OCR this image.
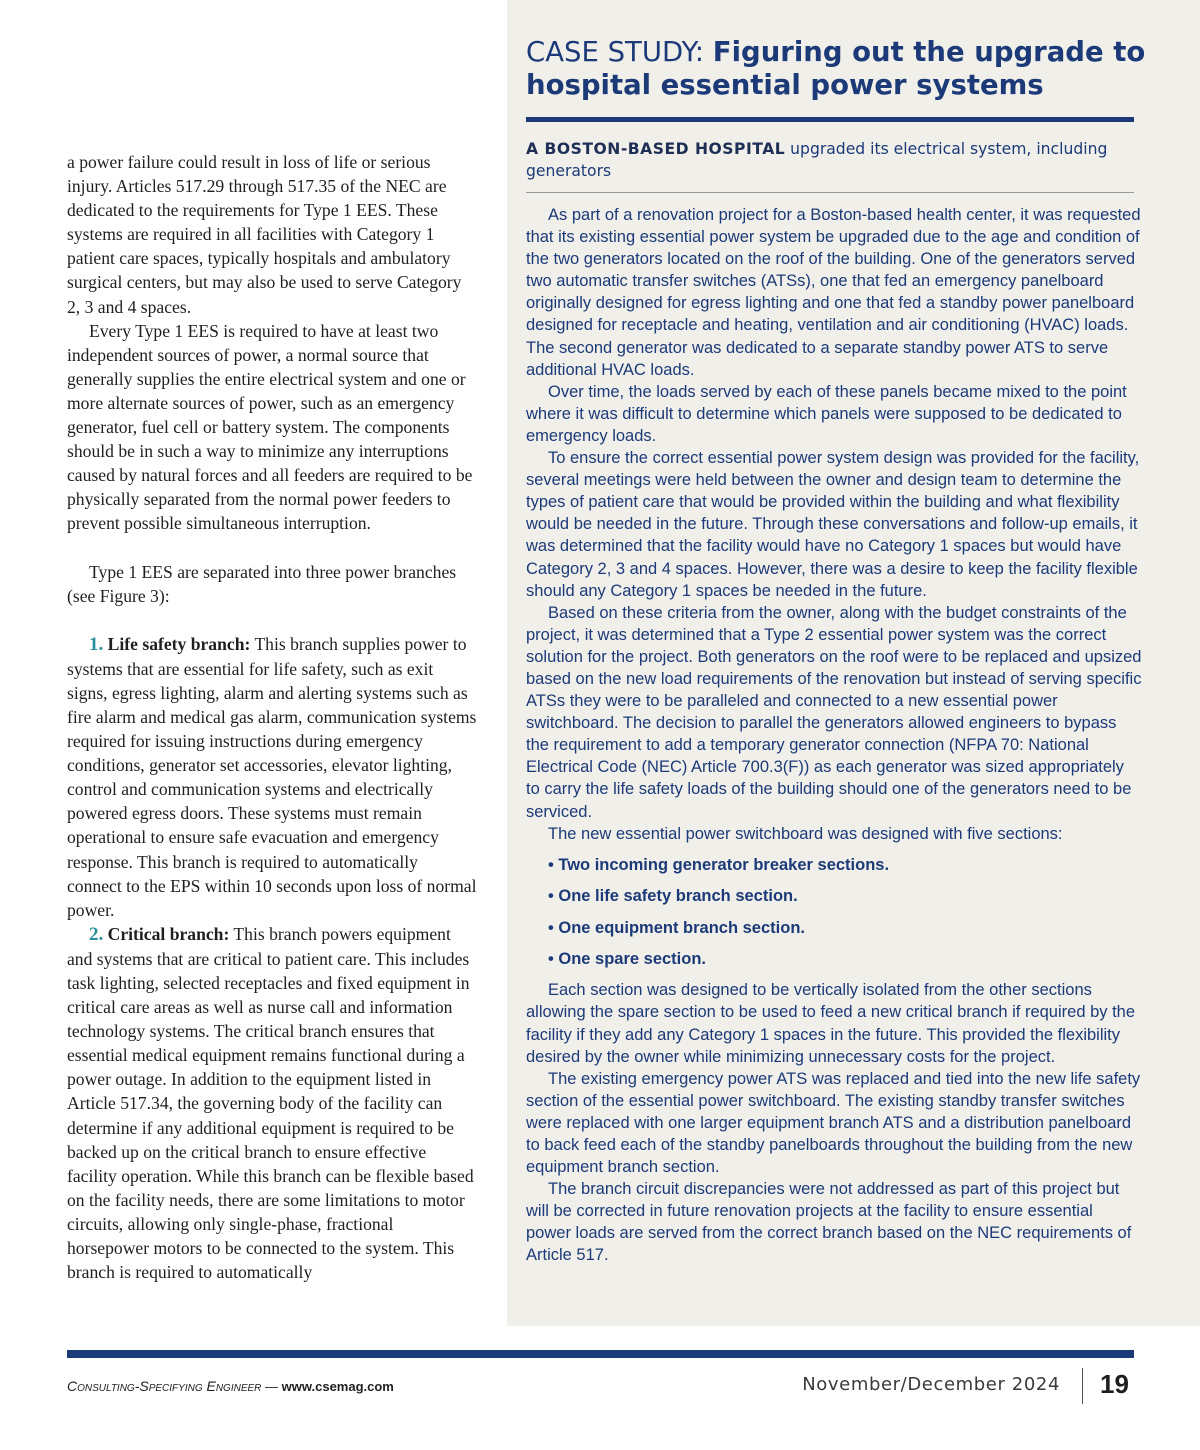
a power failure could result in loss of life or serious injury. Articles 517.29 through 517.35 of the NEC are dedicated to the requirements for Type 1 EES. These systems are required in all facilities with Category 1 patient care spaces, typically hospitals and ambulatory surgical centers, but may also be used to serve Category 2, 3 and 4 spaces.

Every Type 1 EES is required to have at least two independent sources of power, a normal source that generally supplies the entire electrical system and one or more alternate sources of power, such as an emergency generator, fuel cell or battery system. The components should be in such a way to minimize any interruptions caused by natural forces and all feeders are required to be physically separated from the normal power feeders to prevent possible simultaneous interruption.

Type 1 EES are separated into three power branches (see Figure 3):

1. Life safety branch: This branch supplies power to systems that are essential for life safety, such as exit signs, egress lighting, alarm and alerting systems such as fire alarm and medical gas alarm, communication systems required for issuing instructions during emergency conditions, generator set accessories, elevator lighting, control and communication systems and electrically powered egress doors. These systems must remain operational to ensure safe evacuation and emergency response. This branch is required to automatically connect to the EPS within 10 seconds upon loss of normal power.

2. Critical branch: This branch powers equipment and systems that are critical to patient care. This includes task lighting, selected receptacles and fixed equipment in critical care areas as well as nurse call and information technology systems. The critical branch ensures that essential medical equipment remains functional during a power outage. In addition to the equipment listed in Article 517.34, the governing body of the facility can determine if any additional equipment is required to be backed up on the critical branch to ensure effective facility operation. While this branch can be flexible based on the facility needs, there are some limitations to motor circuits, allowing only single-phase, fractional horsepower motors to be connected to the system. This branch is required to automatically

CASE STUDY: Figuring out the upgrade to hospital essential power systems
A BOSTON-BASED HOSPITAL upgraded its electrical system, including generators

As part of a renovation project for a Boston-based health center, it was requested that its existing essential power system be upgraded due to the age and condition of the two generators located on the roof of the building. One of the generators served two automatic transfer switches (ATSs), one that fed an emergency panelboard originally designed for egress lighting and one that fed a standby power panelboard designed for receptacle and heating, ventilation and air conditioning (HVAC) loads. The second generator was dedicated to a separate standby power ATS to serve additional HVAC loads.

Over time, the loads served by each of these panels became mixed to the point where it was difficult to determine which panels were supposed to be dedicated to emergency loads.

To ensure the correct essential power system design was provided for the facility, several meetings were held between the owner and design team to determine the types of patient care that would be provided within the building and what flexibility would be needed in the future. Through these conversations and follow-up emails, it was determined that the facility would have no Category 1 spaces but would have Category 2, 3 and 4 spaces. However, there was a desire to keep the facility flexible should any Category 1 spaces be needed in the future.

Based on these criteria from the owner, along with the budget constraints of the project, it was determined that a Type 2 essential power system was the correct solution for the project. Both generators on the roof were to be replaced and upsized based on the new load requirements of the renovation but instead of serving specific ATSs they were to be paralleled and connected to a new essential power switchboard. The decision to parallel the generators allowed engineers to bypass the requirement to add a temporary generator connection (NFPA 70: National Electrical Code (NEC) Article 700.3(F)) as each generator was sized appropriately to carry the life safety loads of the building should one of the generators need to be serviced.

The new essential power switchboard was designed with five sections:

• Two incoming generator breaker sections.
• One life safety branch section.
• One equipment branch section.
• One spare section.

Each section was designed to be vertically isolated from the other sections allowing the spare section to be used to feed a new critical branch if required by the facility if they add any Category 1 spaces in the future. This provided the flexibility desired by the owner while minimizing unnecessary costs for the project.

The existing emergency power ATS was replaced and tied into the new life safety section of the essential power switchboard. The existing standby transfer switches were replaced with one larger equipment branch ATS and a distribution panelboard to back feed each of the standby panelboards throughout the building from the new equipment branch section.

The branch circuit discrepancies were not addressed as part of this project but will be corrected in future renovation projects at the facility to ensure essential power loads are served from the correct branch based on the NEC requirements of Article 517.

Consulting-Specifying Engineer — www.csemag.com	November/December 2024 19
